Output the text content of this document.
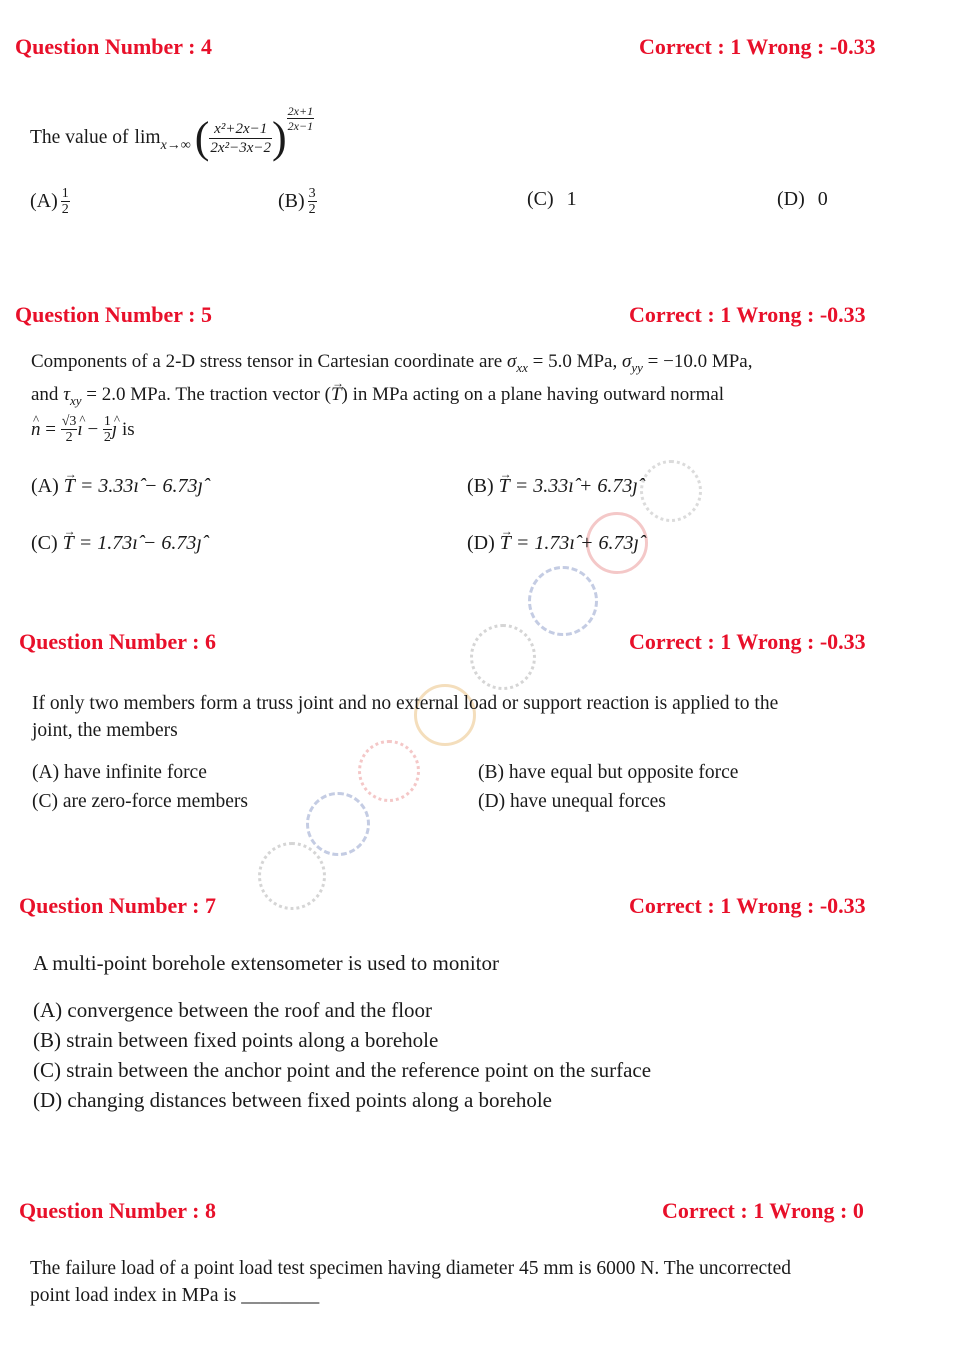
Question Number : 4	Correct : 1 Wrong : -0.33
The value of lim x→∞ ( $\frac{\text{x²+2x−1}}{\text{2x²−3x−2}}$ ) $\frac{2x+1}{2x-1}$
$(A) \frac{1}{2}$	$(B) \frac{3}{2}$	(C) 1	(D) 0
Question Number : 5	Correct : 1 Wrong : -0.33
Components of a 2-D stress tensor in Cartesian coordinate are $\sigma_{xx} = 5.0$ MPa, $\sigma_{yy} = -10.0$ MPa,
and $\tau_{xy} = 2.0$ MPa. The traction vector (→ T) in MPa acting on a plane having outward normal
^ $n = \frac{√3}{2}$ ^ ı − $\frac{1}{2}$ ^ ȷ is
(A) → T = 3.33ı̂ − 6.73ȷ̂	(B) → T = 3.33ı̂ + 6.73ȷ̂
(C) → T = 1.73ı̂ − 6.73ȷ̂	(D) → T = 1.73ı̂ + 6.73ȷ̂
Question Number : 6	Correct : 1 Wrong : -0.33
If only two members form a truss joint and no external load or support reaction is applied to the
joint, the members
(A) have infinite force	(B) have equal but opposite force
(C) are zero-force members	(D) have unequal forces
Question Number : 7	Correct : 1 Wrong : -0.33
A multi-point borehole extensometer is used to monitor
(A) convergence between the roof and the floor
(B) strain between fixed points along a borehole
(C) strain between the anchor point and the reference point on the surface
(D) changing distances between fixed points along a borehole
Question Number : 8	Correct : 1 Wrong : 0
The failure load of a point load test specimen having diameter 45 mm is 6000 N. The uncorrected
point load index in MPa is ________
